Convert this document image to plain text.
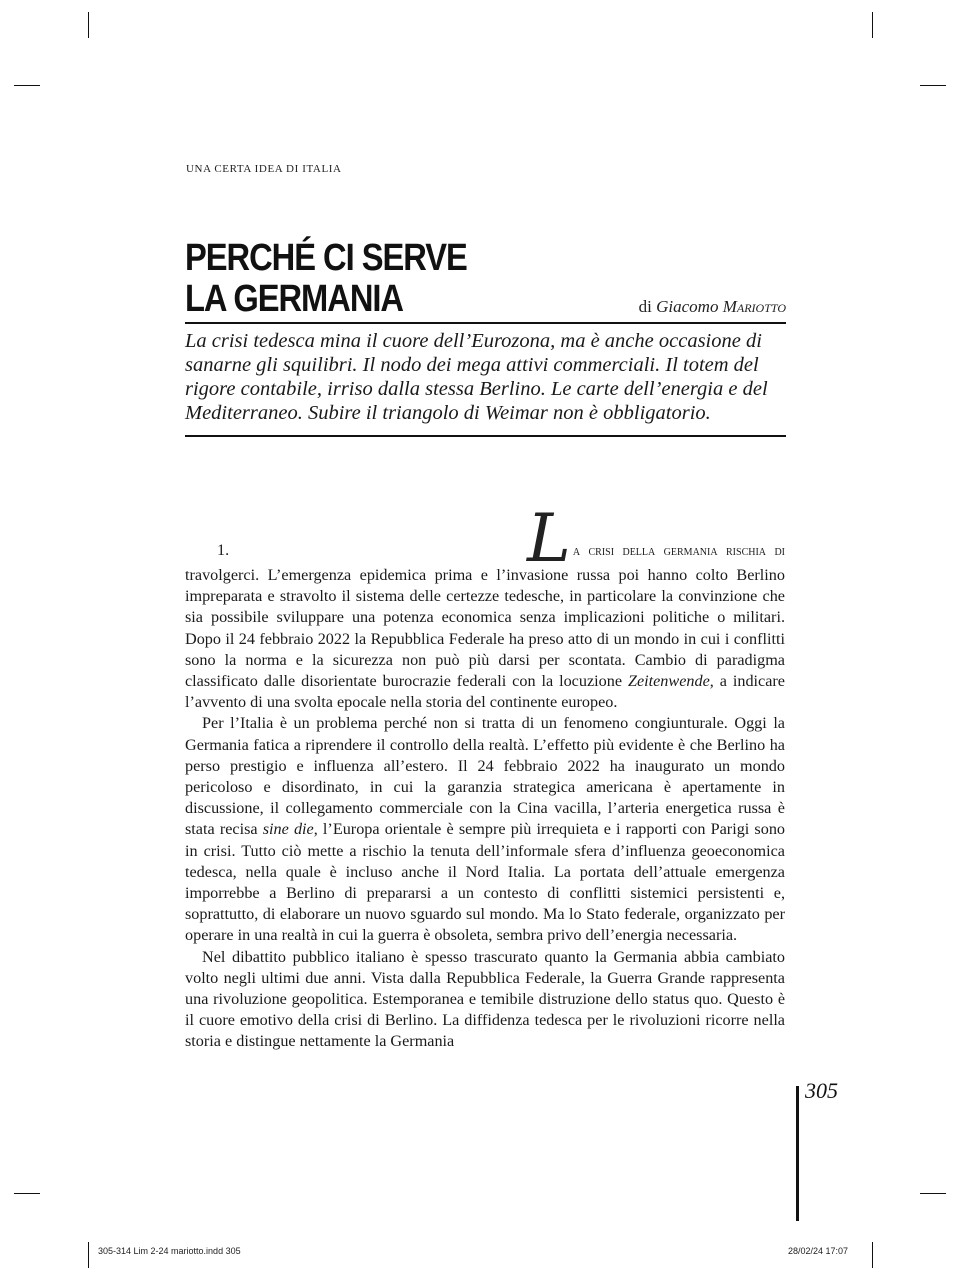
UNA CERTA IDEA DI ITALIA
PERCHÉ CI SERVE
LA GERMANIA	di Giacomo Mariotto
La crisi tedesca mina il cuore dell’Eurozona, ma è anche occasione di sanarne gli squilibri. Il nodo dei mega attivi commerciali. Il totem del rigore contabile, irriso dalla stessa Berlino. Le carte dell’energia e del Mediterraneo. Subire il triangolo di Weimar non è obbligatorio.

1.	L a crisi della germania rischia di travolgerci. L’emergenza epidemica prima e l’invasione russa poi hanno colto Berlino impreparata e stravolto il sistema delle certezze tedesche, in particolare la convinzione che sia possibile sviluppare una potenza economica senza implicazioni politiche o militari. Dopo il 24 febbraio 2022 la Repubblica Federale ha preso atto di un mondo in cui i conflitti sono la norma e la sicurezza non può più darsi per scontata. Cambio di paradigma classificato dalle disorientate burocrazie federali con la locuzione Zeitenwende, a indicare l’avvento di una svolta epocale nella storia del continente europeo.

Per l’Italia è un problema perché non si tratta di un fenomeno congiunturale. Oggi la Germania fatica a riprendere il controllo della realtà. L’effetto più evidente è che Berlino ha perso prestigio e influenza all’estero. Il 24 febbraio 2022 ha inaugurato un mondo pericoloso e disordinato, in cui la garanzia strategica americana è apertamente in discussione, il collegamento commerciale con la Cina vacilla, l’arteria energetica russa è stata recisa sine die, l’Europa orientale è sempre più irrequieta e i rapporti con Parigi sono in crisi. Tutto ciò mette a rischio la tenuta dell’informale sfera d’influenza geoeconomica tedesca, nella quale è incluso anche il Nord Italia. La portata dell’attuale emergenza imporrebbe a Berlino di prepararsi a un contesto di conflitti sistemici persistenti e, soprattutto, di elaborare un nuovo sguardo sul mondo. Ma lo Stato federale, organizzato per operare in una realtà in cui la guerra è obsoleta, sembra privo dell’energia necessaria.

Nel dibattito pubblico italiano è spesso trascurato quanto la Germania abbia cambiato volto negli ultimi due anni. Vista dalla Repubblica Federale, la Guerra Grande rappresenta una rivoluzione geopolitica. Estemporanea e temibile distruzione dello status quo. Questo è il cuore emotivo della crisi di Berlino. La diffidenza tedesca per le rivoluzioni ricorre nella storia e distingue nettamente la Germania

305
305-314 Lim 2-24 mariotto.indd 305	28/02/24 17:07
